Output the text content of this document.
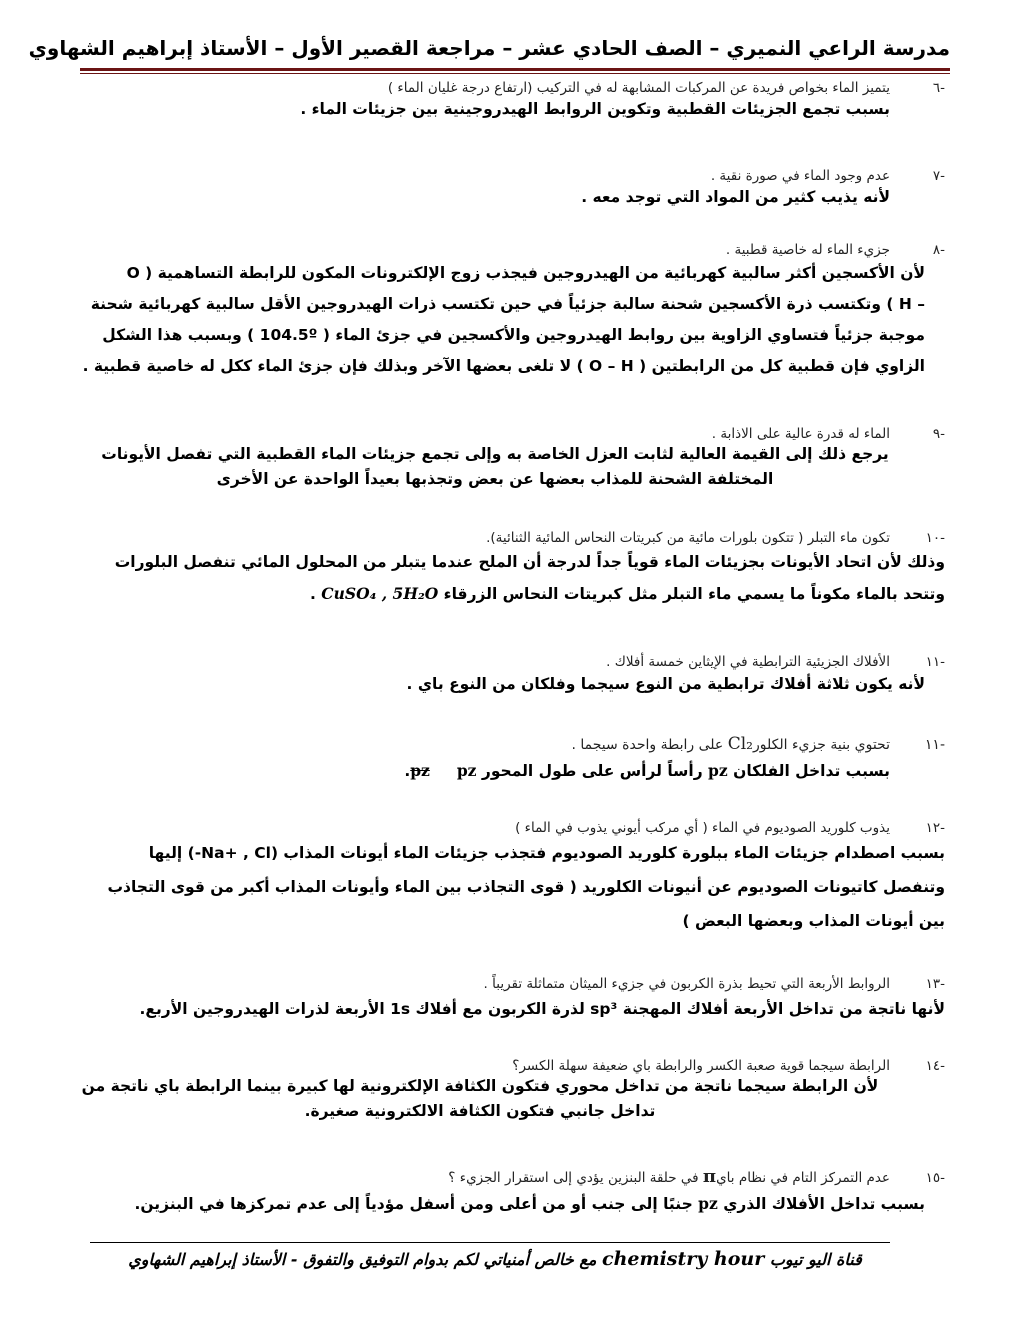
مدرسة الراعي النميري – الصف الحادي عشر – مراجعة القصير الأول – الأستاذ إبراهيم الشهاوي
-٦
يتميز الماء بخواص فريدة عن المركبات المشابهة له في التركيب (ارتفاع درجة غليان الماء )
بسبب تجمع الجزيئات القطبية وتكوين الروابط الهيدروجينية بين جزيئات الماء .
-٧
عدم وجود الماء في صورة نقية .
لأنه يذيب كثير من المواد التي توجد معه .
-٨
جزيء الماء له خاصية قطبية .
لأن الأكسجين أكثر سالبية كهربائية من الهيدروجين فيجذب زوج الإلكترونات المكون للرابطة التساهمية ( O
– H ) وتكتسب ذرة الأكسجين شحنة سالبة جزئياً في حين تكتسب ذرات الهيدروجين الأقل سالبية كهربائية شحنة
موجبة جزئياً فتساوي الزاوية بين روابط الهيدروجين والأكسجين في جزئ الماء ( 104.5º ) وبسبب هذا الشكل
الزاوي فإن قطبية كل من الرابطتين ( O – H ) لا تلغى بعضها الآخر وبذلك فإن جزئ الماء ككل له خاصية قطبية .
-٩
الماء له قدرة عالية على الاذابة .
يرجع ذلك إلى القيمة العالية لثابت العزل الخاصة به وإلى تجمع جزيئات الماء القطبية التي تفصل الأيونات
المختلفة الشحنة للمذاب بعضها عن بعض وتجذبها بعيداً الواحدة عن الأخرى
-١٠
تكون ماء التبلر ( تتكون بلورات مائية من كبريتات النحاس المائية الثنائية).
وذلك لأن اتحاد الأيونات بجزيئات الماء قوياً جداً لدرجة أن الملح عندما يتبلر من المحلول المائي تنفصل البلورات
وتتحد بالماء مكوناً ما يسمي ماء التبلر مثل كبريتات النحاس الزرقاء CuSO₄ , 5H₂O .
-١١
الأفلاك الجزيئية الترابطية في الإيثاين خمسة أفلاك .
لأنه يكون ثلاثة أفلاك ترابطية من النوع سيجما وفلكان من النوع باي .
-١١
تحتوي بنية جزيء الكلورCl₂ على رابطة واحدة سيجما .
بسبب تداخل الفلكان pz رأساً لرأس على طول المحور pz pz.
-١٢
يذوب كلوريد الصوديوم في الماء ( أي مركب أيوني يذوب في الماء )
بسبب اصطدام جزيئات الماء ببلورة كلوريد الصوديوم فتجذب جزيئات الماء أيونات المذاب (Na+ , Cl-) إليها
وتنفصل كاتيونات الصوديوم عن أنيونات الكلوريد ( قوى التجاذب بين الماء وأيونات المذاب أكبر من قوى التجاذب
بين أيونات المذاب وبعضها البعض )
-١٣
الروابط الأربعة التي تحيط بذرة الكربون في جزيء الميثان متماثلة تقريباً .
لأنها ناتجة من تداخل الأربعة أفلاك المهجنة sp³ لذرة الكربون مع أفلاك 1s الأربعة لذرات الهيدروجين الأربع.
-١٤
الرابطة سيجما قوية صعبة الكسر والرابطة باي ضعيفة سهلة الكسر؟
لأن الرابطة سيجما ناتجة من تداخل محوري فتكون الكثافة الإلكترونية لها كبيرة بينما الرابطة باي ناتجة من
تداخل جانبي فتكون الكثافة الالكترونية صغيرة.
-١٥
عدم التمركز التام في نظام بايπ في حلقة البنزين يؤدي إلى استقرار الجزيء ؟
بسبب تداخل الأفلاك الذري pz جنبًا إلى جنب أو من أعلى ومن أسفل مؤدياً إلى عدم تمركزها في البنزين.
قناة اليو تيوب chemistry hour مع خالص أمنياتي لكم بدوام التوفيق والتفوق - الأستاذ إبراهيم الشهاوي
